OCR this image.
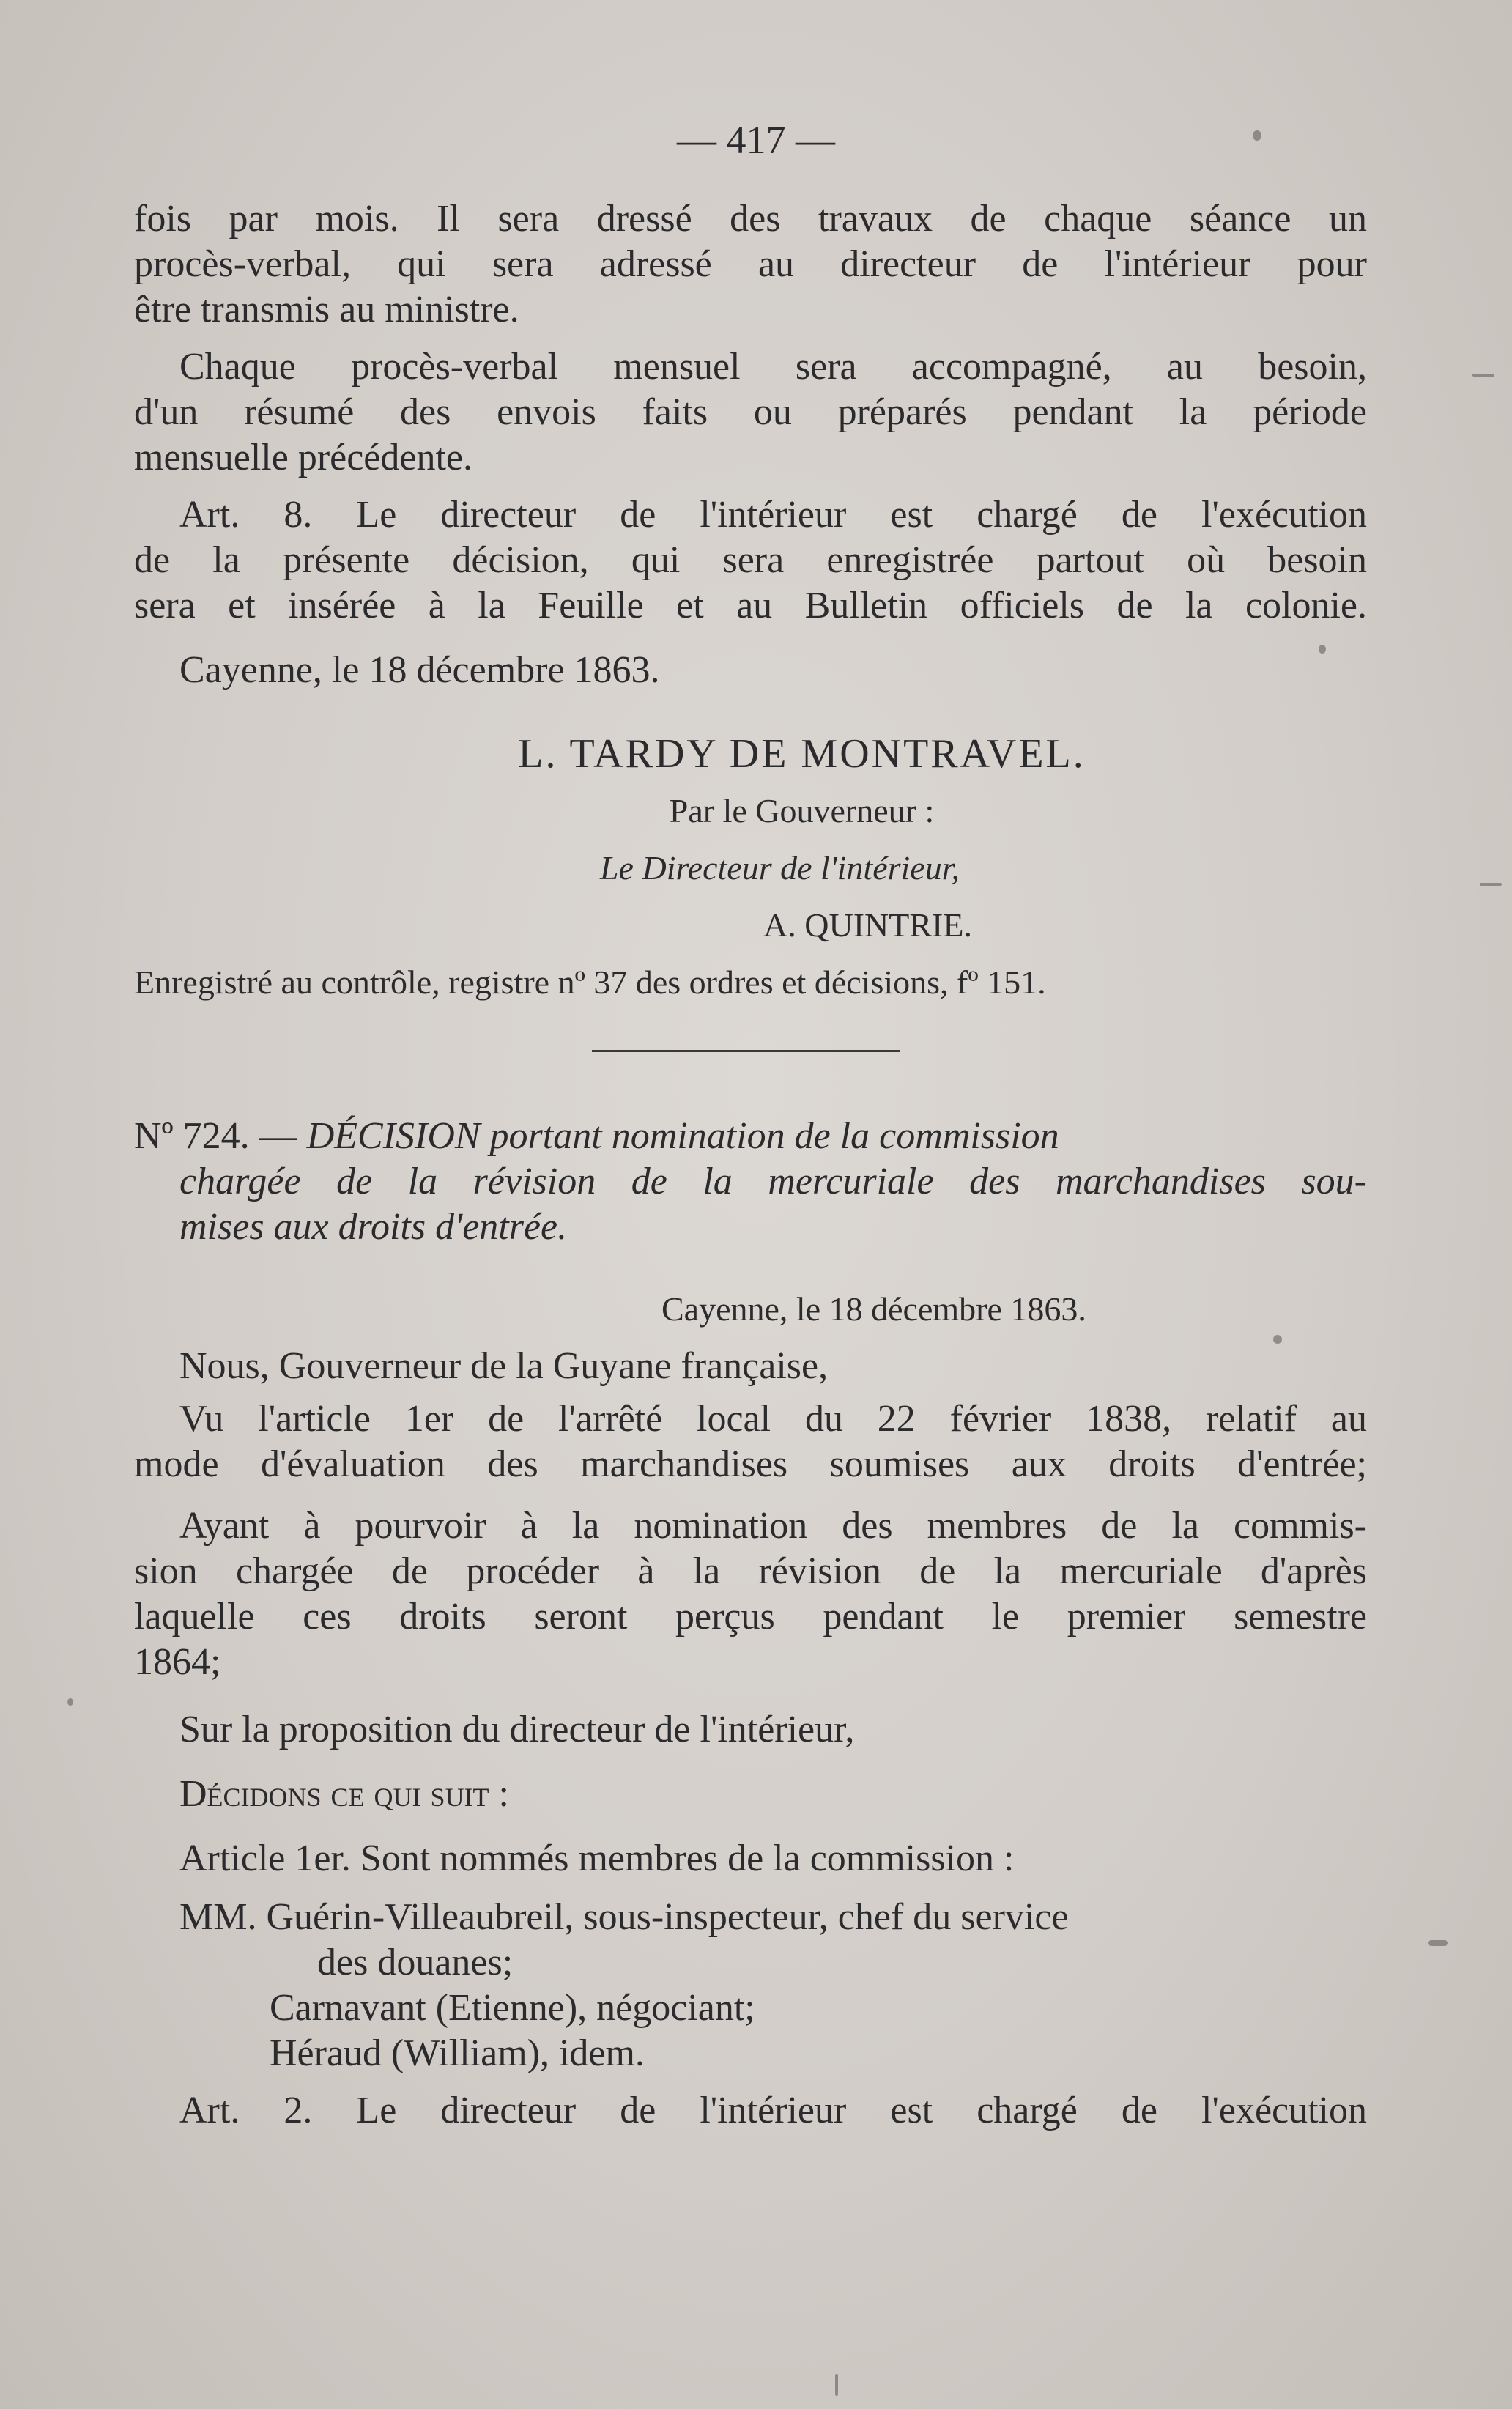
— 417 —
fois par mois. Il sera dressé des travaux de chaque séance un
procès-verbal, qui sera adressé au directeur de l'intérieur pour
être transmis au ministre.
Chaque procès-verbal mensuel sera accompagné, au besoin,
d'un résumé des envois faits ou préparés pendant la période
mensuelle précédente.
Art. 8. Le directeur de l'intérieur est chargé de l'exécution
de la présente décision, qui sera enregistrée partout où besoin
sera et insérée à la Feuille et au Bulletin officiels de la colonie.
Cayenne, le 18 décembre 1863.
L. TARDY DE MONTRAVEL.
Par le Gouverneur :
Le Directeur de l'intérieur,
A. QUINTRIE.
Enregistré au contrôle, registre nº 37 des ordres et décisions, fº 151.
Nº 724. — DÉCISION portant nomination de la commission
chargée de la révision de la mercuriale des marchandises sou-
mises aux droits d'entrée.
Cayenne, le 18 décembre 1863.
Nous, Gouverneur de la Guyane française,
Vu l'article 1er de l'arrêté local du 22 février 1838, relatif au
mode d'évaluation des marchandises soumises aux droits d'entrée;
Ayant à pourvoir à la nomination des membres de la commis-
sion chargée de procéder à la révision de la mercuriale d'après
laquelle ces droits seront perçus pendant le premier semestre
1864;
Sur la proposition du directeur de l'intérieur,
Décidons ce qui suit :
Article 1er. Sont nommés membres de la commission :
MM. Guérin-Villeaubreil, sous-inspecteur, chef du service
des douanes;
Carnavant (Etienne), négociant;
Héraud (William), idem.
Art. 2. Le directeur de l'intérieur est chargé de l'exécution
